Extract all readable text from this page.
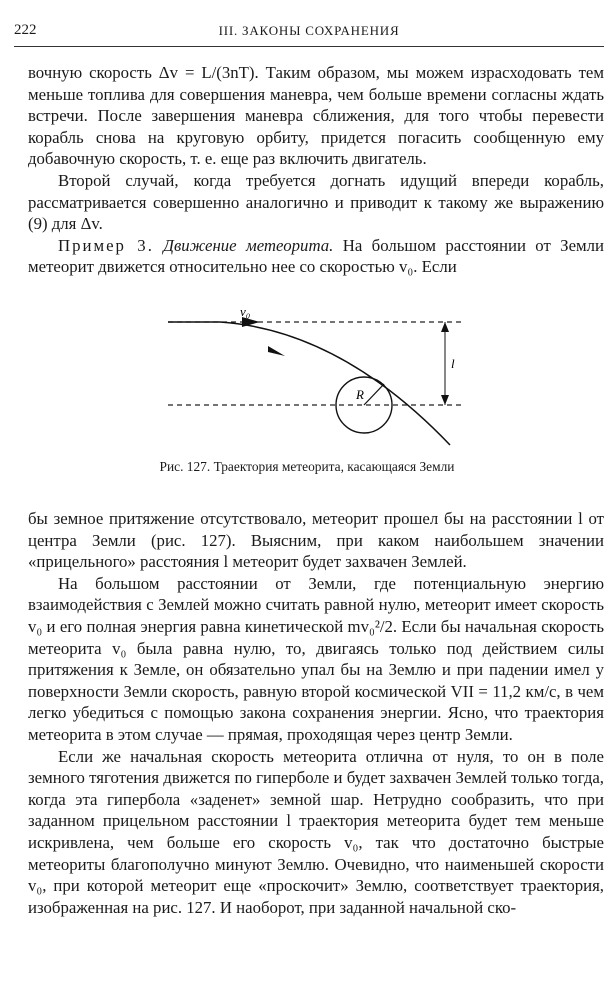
222	III. ЗАКОНЫ СОХРАНЕНИЯ

вочную скорость Δv = L/(3nT). Таким образом, мы можем израсходовать тем меньше топлива для совершения маневра, чем больше времени согласны ждать встречи. После завершения маневра сближения, для того чтобы перевести корабль снова на круговую орбиту, придется погасить сообщенную ему добавочную скорость, т. е. еще раз включить двигатель.

Второй случай, когда требуется догнать идущий впереди корабль, рассматривается совершенно аналогично и приводит к такому же выражению (9) для Δv.

Пример 3. Движение метеорита. На большом расстоянии от Земли метеорит движется относительно нее со скоростью v₀. Если

v₀
R
l
Рис. 127. Траектория метеорита, касающаяся Земли

бы земное притяжение отсутствовало, метеорит прошел бы на расстоянии l от центра Земли (рис. 127). Выясним, при каком наибольшем значении «прицельного» расстояния l метеорит будет захвачен Землей.

На большом расстоянии от Земли, где потенциальную энергию взаимодействия с Землей можно считать равной нулю, метеорит имеет скорость v₀ и его полная энергия равна кинетической mv₀²/2. Если бы начальная скорость метеорита v₀ была равна нулю, то, двигаясь только под действием силы притяжения к Земле, он обязательно упал бы на Землю и при падении имел у поверхности Земли скорость, равную второй космической VII = 11,2 км/с, в чем легко убедиться с помощью закона сохранения энергии. Ясно, что траектория метеорита в этом случае — прямая, проходящая через центр Земли.

Если же начальная скорость метеорита отлична от нуля, то он в поле земного тяготения движется по гиперболе и будет захвачен Землей только тогда, когда эта гипербола «заденет» земной шар. Нетрудно сообразить, что при заданном прицельном расстоянии l траектория метеорита будет тем меньше искривлена, чем больше его скорость v₀, так что достаточно быстрые метеориты благополучно минуют Землю. Очевидно, что наименьшей скорости v₀, при которой метеорит еще «проскочит» Землю, соответствует траектория, изображенная на рис. 127. И наоборот, при заданной начальной ско-
